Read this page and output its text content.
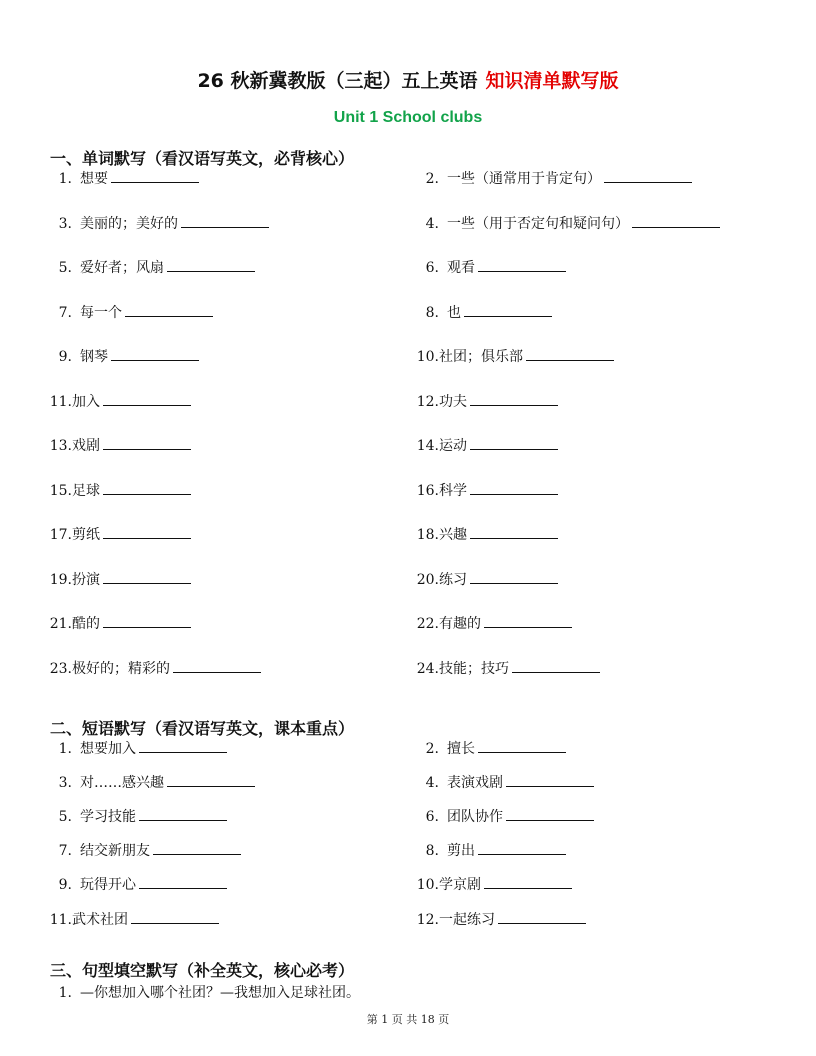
26 秋新冀教版（三起）五上英语 知识清单默写版
Unit 1 School clubs
一、单词默写（看汉语写英文，必背核心）
二、短语默写（看汉语写英文，课本重点）
三、句型填空默写（补全英文，核心必考）
1. 想要	2. 一些（通常用于肯定句）
3. 美丽的；美好的	4. 一些（用于否定句和疑问句）
5. 爱好者；风扇	6. 观看
7. 每一个	8. 也
9. 钢琴	10.社团；俱乐部
11.加入	12.功夫
13.戏剧	14.运动
15.足球	16.科学
17.剪纸	18.兴趣
19.扮演	20.练习
21.酷的	22.有趣的
23.极好的；精彩的	24.技能；技巧
1. 想要加入	2. 擅长
3. 对……感兴趣	4. 表演戏剧
5. 学习技能	6. 团队协作
7. 结交新朋友	8. 剪出
9. 玩得开心	10.学京剧
11.武术社团	12.一起练习
1. —你想加入哪个社团？—我想加入足球社团。
第 1 页 共 18 页
